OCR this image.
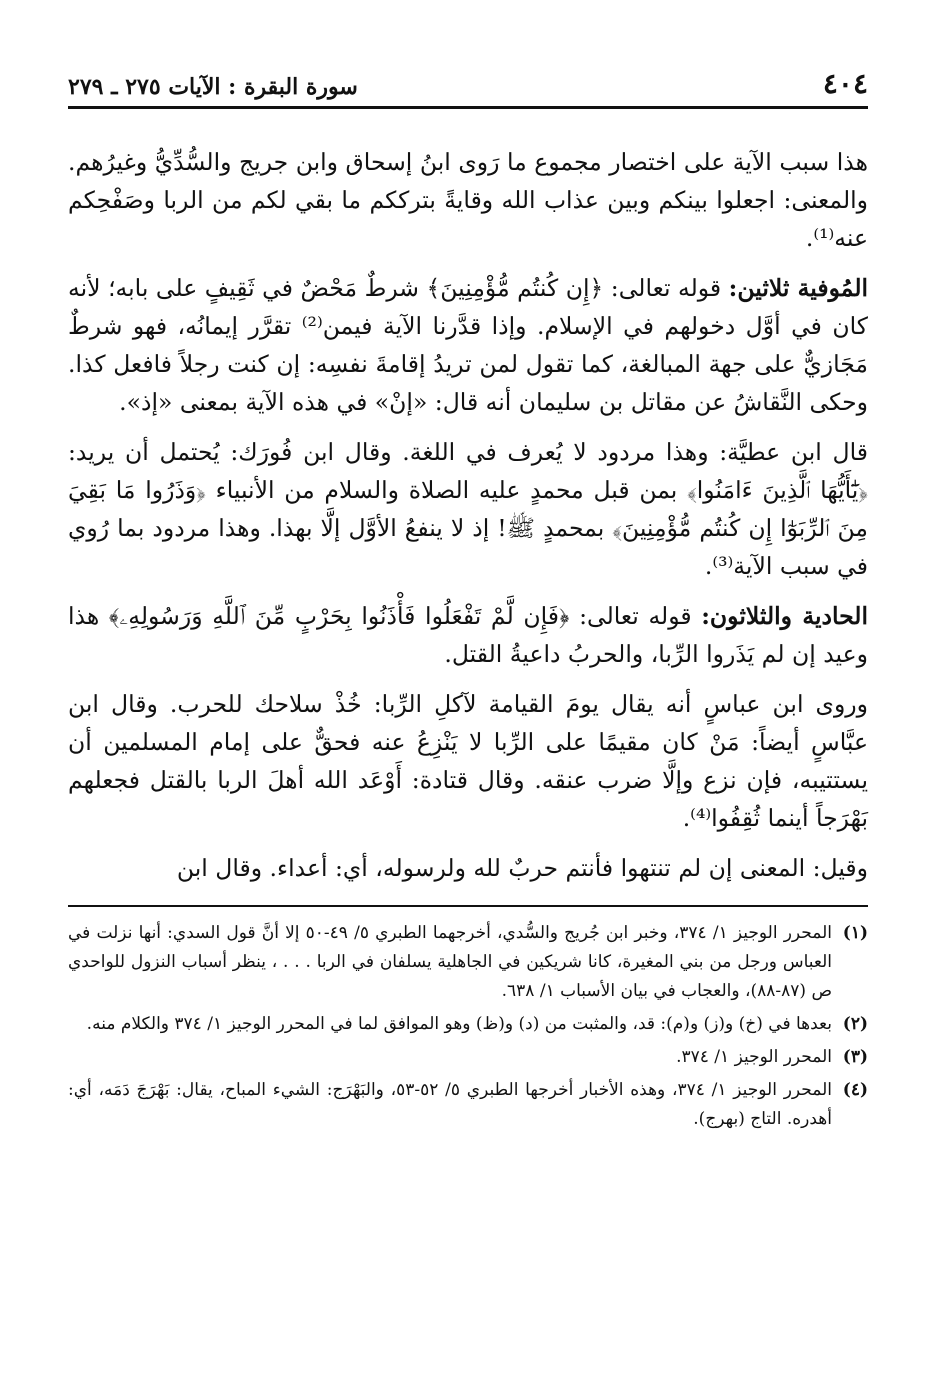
٤٠٤
سورة البقرة : الآيات ٢٧٥ ـ ٢٧٩

هذا سبب الآية على اختصار مجموع ما رَوى ابنُ إسحاق وابن جريج والسُّدِّيُّ وغيرُهم. والمعنى: اجعلوا بينكم وبين عذاب الله وقايةً بترككم ما بقي لكم من الربا وصَفْحِكم عنه⁽¹⁾.

المُوفية ثلاثين: قوله تعالى: ﴿إِن كُنتُم مُّؤْمِنِينَ﴾ شرطٌ مَحْضٌ في ثَقِيفٍ على بابه؛ لأنه كان في أوَّل دخولهم في الإسلام. وإذا قدَّرنا الآية فيمن⁽²⁾ تقرَّر إيمانُه، فهو شرطٌ مَجَازيٌّ على جهة المبالغة، كما تقول لمن تريدُ إقامةَ نفسِه: إن كنت رجلاً فافعل كذا. وحكى النَّقاشُ عن مقاتل بن سليمان أنه قال: «إنْ» في هذه الآية بمعنى «إذ».

قال ابن عطيَّة: وهذا مردود لا يُعرف في اللغة. وقال ابن فُورَك: يُحتمل أن يريد: ﴿يَٰٓأَيُّهَا ٱلَّذِينَ ءَامَنُوا﴾ بمن قبل محمدٍ عليه الصلاة والسلام من الأنبياء ﴿وَذَرُوا مَا بَقِيَ مِنَ ٱلرِّبَوٰٓا إِن كُنتُم مُّؤْمِنِينَ﴾ بمحمدٍ ﷺ! إذ لا ينفعُ الأوَّل إلَّا بهذا. وهذا مردود بما رُوي في سبب الآية⁽³⁾.

الحادية والثلاثون: قوله تعالى: ﴿فَإِن لَّمْ تَفْعَلُوا فَأْذَنُوا بِحَرْبٍ مِّنَ ٱللَّهِ وَرَسُولِهِۦ﴾ هذا وعيد إن لم يَذَروا الرِّبا، والحربُ داعيةُ القتل.

وروى ابن عباسٍ أنه يقال يومَ القيامة لآكلِ الرِّبا: خُذْ سلاحك للحرب. وقال ابن عبَّاسٍ أيضاً: مَنْ كان مقيمًا على الرِّبا لا يَنْزِعُ عنه فحقٌّ على إمام المسلمين أن يستتيبه، فإن نزع وإلَّا ضرب عنقه. وقال قتادة: أَوْعَد الله أهلَ الربا بالقتل فجعلهم بَهْرَجاً أينما ثُقِفُوا⁽⁴⁾.

وقيل: المعنى إن لم تنتهوا فأنتم حربٌ لله ولرسوله، أي: أعداء. وقال ابن

(١)
المحرر الوجيز ١/ ٣٧٤، وخبر ابن جُريج والسُّدي، أخرجهما الطبري ٥/ ٤٩-٥٠ إلا أنَّ قول السدي: أنها نزلت في العباس ورجل من بني المغيرة، كانا شريكين في الجاهلية يسلفان في الربا . . . ، ينظر أسباب النزول للواحدي ص (٨٧-٨٨)، والعجاب في بيان الأسباب ١/ ٦٣٨.
(٢)
بعدها في (خ) و(ز) و(م): قد، والمثبت من (د) و(ظ) وهو الموافق لما في المحرر الوجيز ١/ ٣٧٤ والكلام منه.
(٣)
المحرر الوجيز ١/ ٣٧٤.
(٤)
المحرر الوجيز ١/ ٣٧٤، وهذه الأخبار أخرجها الطبري ٥/ ٥٢-٥٣، والبَهْرَج: الشيء المباح، يقال: بَهْرَجَ دَمَه، أي: أهدره. التاج (بهرج).
